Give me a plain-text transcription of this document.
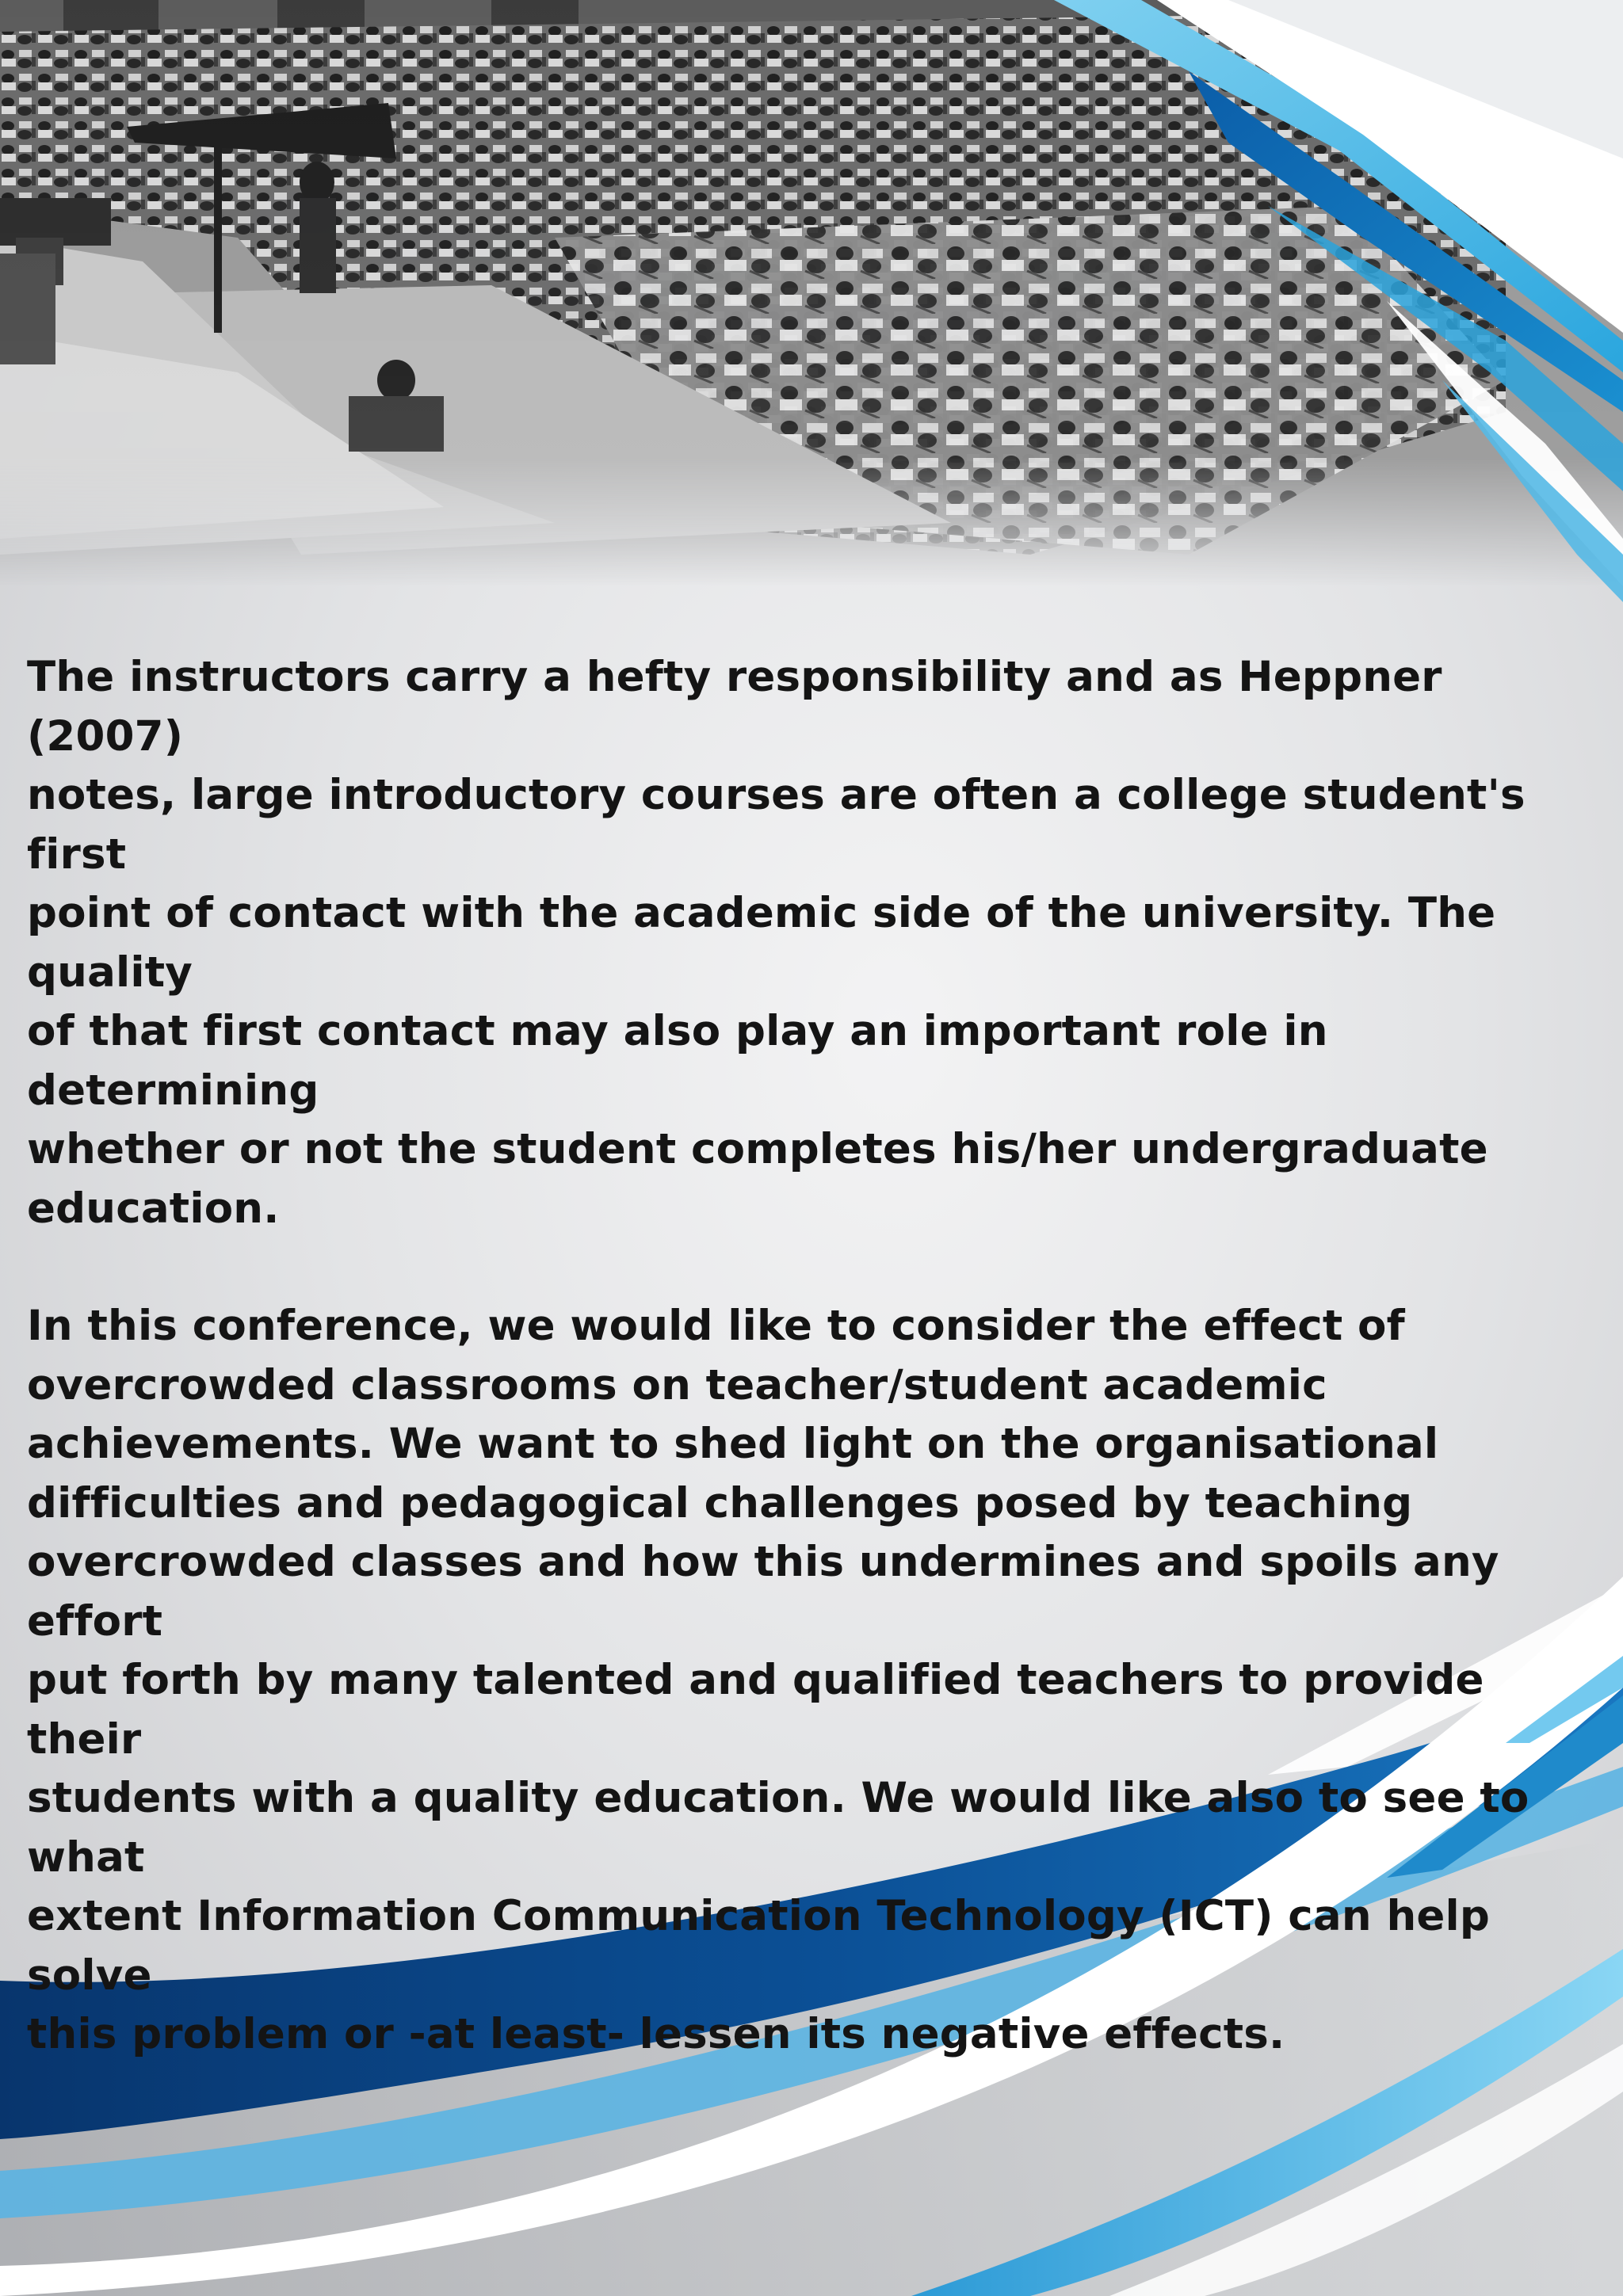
The instructors carry a hefty responsibility and as Heppner (2007)
notes, large introductory courses are often a college student's first
point of contact with the academic side of the university. The quality
of that first contact may also play an important role in determining
whether or not the student completes his/her undergraduate
education.

In this conference, we would like to consider the effect of
overcrowded classrooms on teacher/student academic
achievements. We want to shed light on the organisational
difficulties and pedagogical challenges posed by teaching
overcrowded classes and how this undermines and spoils any effort
put forth by many talented and qualified teachers to provide their
students with a quality education. We would like also to see to what
extent Information Communication Technology (ICT) can help solve
this problem or -at least- lessen its negative effects.
